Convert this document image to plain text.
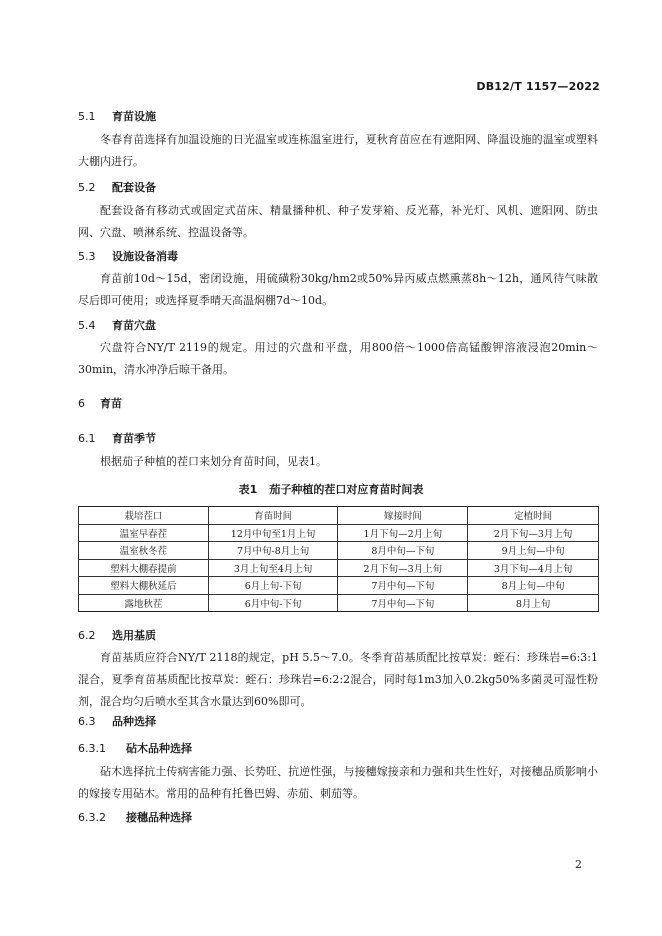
DB12/T 1157—2022
5.1 育苗设施
冬春育苗选择有加温设施的日光温室或连栋温室进行，夏秋育苗应在有遮阳网、降温设施的温室或塑料大棚内进行。
5.2 配套设备
配套设备有移动式或固定式苗床、精量播种机、种子发芽箱、反光幕，补光灯、风机、遮阳网、防虫网、穴盘、喷淋系统、控温设备等。
5.3 设施设备消毒
育苗前10d～15d，密闭设施，用硫磺粉30kg/hm2或50%异丙威点燃熏蒸8h～12h，通风待气味散尽后即可使用；或选择夏季晴天高温焖棚7d～10d。
5.4 育苗穴盘
穴盘符合NY/T 2119的规定。用过的穴盘和平盘，用800倍～1000倍高锰酸钾溶液浸泡20min～30min，清水冲净后晾干备用。
6 育苗
6.1 育苗季节
根据茄子种植的茬口来划分育苗时间，见表1。
表1 茄子种植的茬口对应育苗时间表
栽培茬口	育苗时间	嫁接时间	定植时间
温室早春茬	12月中旬至1月上旬	1月下旬—2月上旬	2月下旬—3月上旬
温室秋冬茬	7月中旬-8月上旬	8月中旬—下旬	9月上旬—中旬
塑料大棚春提前	3月上旬至4月上旬	2月下旬—3月上旬	3月下旬—4月上旬
塑料大棚秋延后	6月上旬-下旬	7月中旬—下旬	8月上旬—中旬
露地秋茬	6月中旬-下旬	7月中旬—下旬	8月上旬
6.2 选用基质
育苗基质应符合NY/T 2118的规定，pH 5.5～7.0。冬季育苗基质配比按草炭：蛭石：珍珠岩=6:3:1混合，夏季育苗基质配比按草炭：蛭石：珍珠岩=6:2:2混合，同时每1m3加入0.2kg50%多菌灵可湿性粉剂，混合均匀后喷水至其含水量达到60%即可。
6.3 品种选择
6.3.1 砧木品种选择
砧木选择抗土传病害能力强、长势旺、抗逆性强，与接穗嫁接亲和力强和共生性好，对接穗品质影响小的嫁接专用砧木。常用的品种有托鲁巴姆、赤茄、刺茄等。
6.3.2 接穗品种选择
2
